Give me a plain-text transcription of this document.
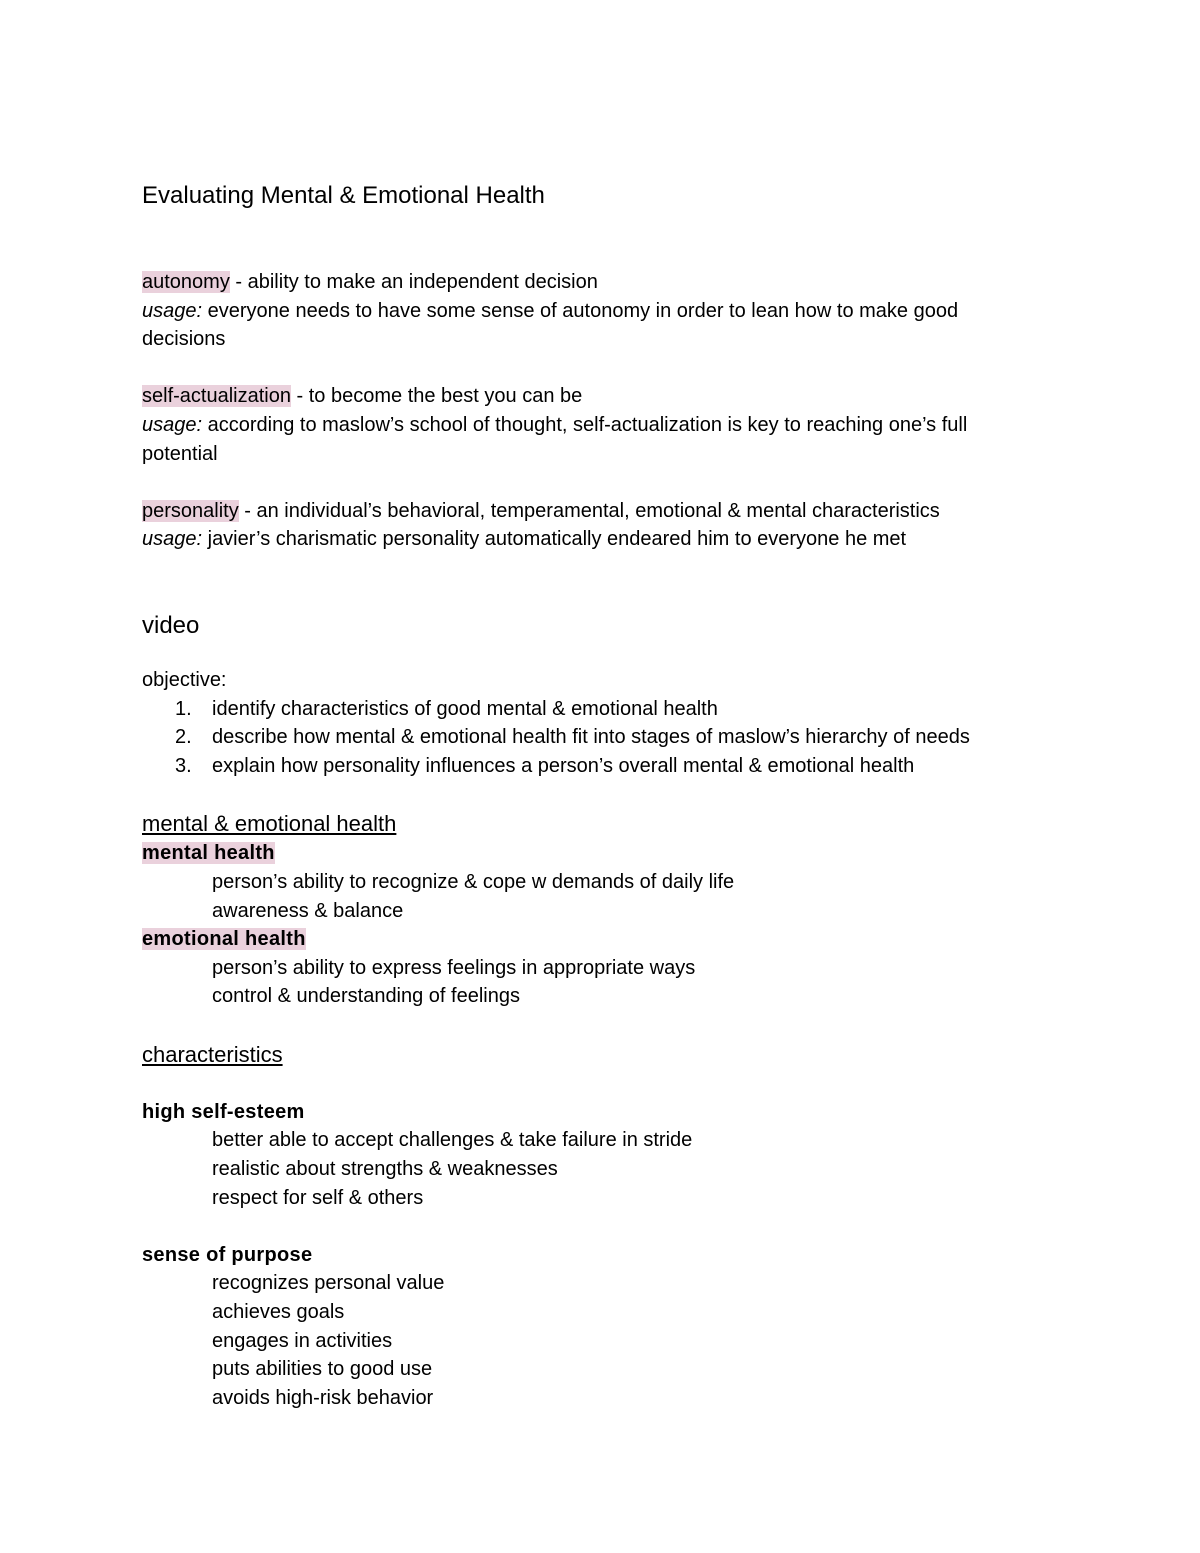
Evaluating Mental & Emotional Health

autonomy - ability to make an independent decision

usage: everyone needs to have some sense of autonomy in order to lean how to make good decisions

self-actualization - to become the best you can be

usage: according to maslow’s school of thought, self-actualization is key to reaching one’s full potential

personality - an individual’s behavioral, temperamental, emotional & mental characteristics

usage: javier’s charismatic personality automatically endeared him to everyone he met

video

objective:

1. identify characteristics of good mental & emotional health
2. describe how mental & emotional health fit into stages of maslow’s hierarchy of needs
3. explain how personality influences a person’s overall mental & emotional health

mental & emotional health

mental health

person’s ability to recognize & cope w demands of daily life

awareness & balance

emotional health

person’s ability to express feelings in appropriate ways

control & understanding of feelings

characteristics

high self-esteem

better able to accept challenges & take failure in stride

realistic about strengths & weaknesses

respect for self & others

sense of purpose

recognizes personal value

achieves goals

engages in activities

puts abilities to good use

avoids high-risk behavior
